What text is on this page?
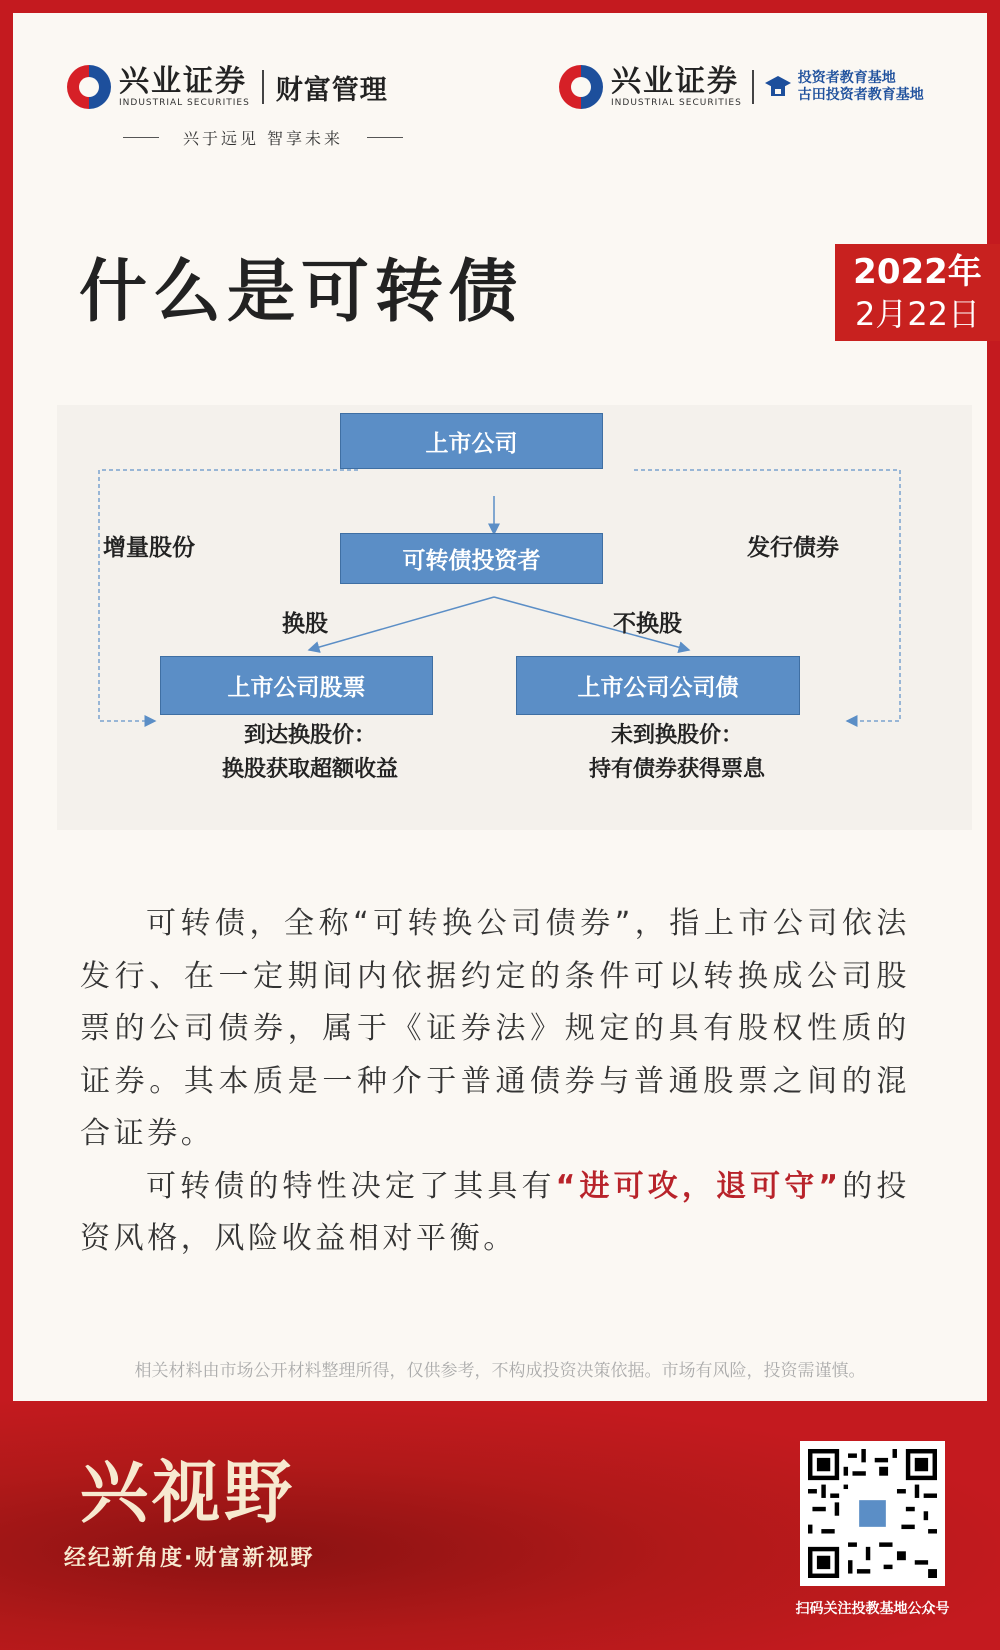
兴业证券
INDUSTRIAL SECURITIES 财富管理
兴于远见 智享未来
兴业证券
INDUSTRIAL SECURITIES
投资者教育基地
古田投资者教育基地
什么是可转债	2022年
2月22日
上市公司
可转债投资者
上市公司股票	上市公司公司债
增量股份	发行债券
换股	不换股
到达换股价：
换股获取超额收益
未到换股价：
持有债券获得票息

可转债，全称“可转换公司债券”，指上市公司依法发行、在一定期间内依据约定的条件可以转换成公司股票的公司债券，属于《证券法》规定的具有股权性质的证券。其本质是一种介于普通债券与普通股票之间的混合证券。

可转债的特性决定了其具有“进可攻，退可守”的投资风格，风险收益相对平衡。

相关材料由市场公开材料整理所得，仅供参考，不构成投资决策依据。市场有风险，投资需谨慎。
兴视野
经纪新角度·财富新视野
扫码关注投教基地公众号
